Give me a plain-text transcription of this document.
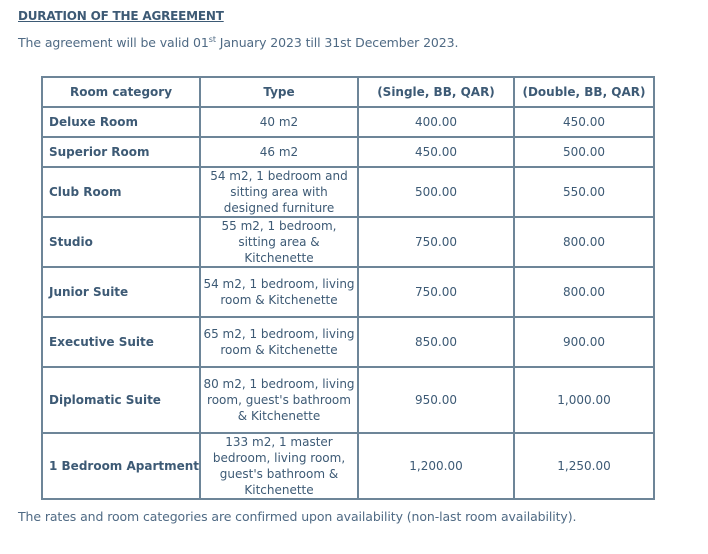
DURATION OF THE AGREEMENT
The agreement will be valid 01st January 2023 till 31st December 2023.
Room category	Type	(Single, BB, QAR)	(Double, BB, QAR)
Deluxe Room	40 m2	400.00	450.00
Superior Room	46 m2	450.00	500.00
Club Room	54 m2, 1 bedroom and sitting area with designed furniture	500.00	550.00
Studio	55 m2, 1 bedroom, sitting area & Kitchenette	750.00	800.00
Junior Suite	54 m2, 1 bedroom, living room & Kitchenette	750.00	800.00
Executive Suite	65 m2, 1 bedroom, living room & Kitchenette	850.00	900.00
Diplomatic Suite	80 m2, 1 bedroom, living room, guest's bathroom & Kitchenette	950.00	1,000.00
1 Bedroom Apartment	133 m2, 1 master bedroom, living room, guest's bathroom & Kitchenette	1,200.00	1,250.00
The rates and room categories are confirmed upon availability (non-last room availability).
